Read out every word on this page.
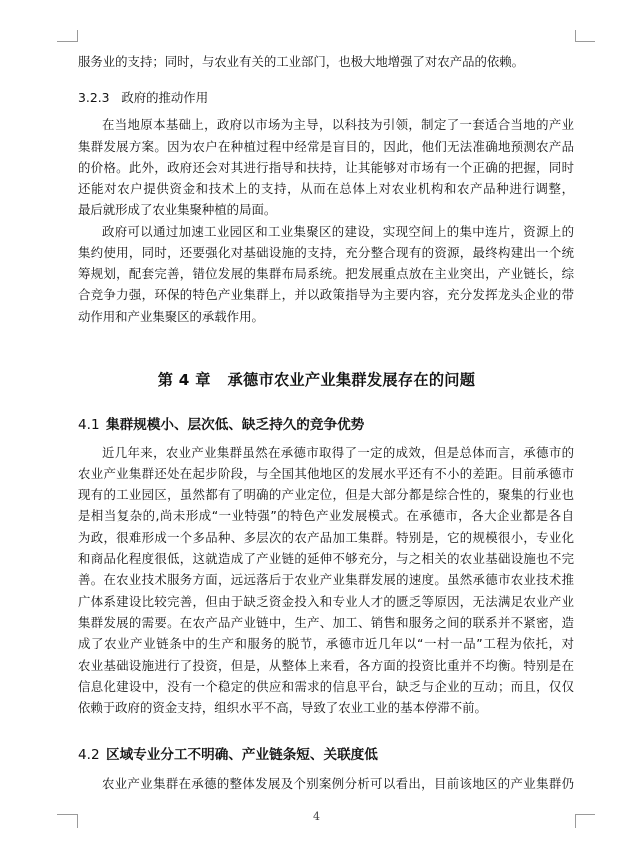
服务业的支持；同时，与农业有关的工业部门，也极大地增强了对农产品的依赖。
3.2.3 政府的推动作用
在当地原本基础上，政府以市场为主导，以科技为引领，制定了一套适合当地的产业
集群发展方案。因为农户在种植过程中经常是盲目的，因此，他们无法准确地预测农产品
的价格。此外，政府还会对其进行指导和扶持，让其能够对市场有一个正确的把握，同时
还能对农户提供资金和技术上的支持，从而在总体上对农业机构和农产品种进行调整，
最后就形成了农业集聚种植的局面。
政府可以通过加速工业园区和工业集聚区的建设，实现空间上的集中连片，资源上的
集约使用，同时，还要强化对基础设施的支持，充分整合现有的资源，最终构建出一个统
筹规划，配套完善，错位发展的集群布局系统。把发展重点放在主业突出，产业链长，综
合竞争力强，环保的特色产业集群上，并以政策指导为主要内容，充分发挥龙头企业的带
动作用和产业集聚区的承载作用。
第 4 章 承德市农业产业集群发展存在的问题
4.1 集群规模小、层次低、缺乏持久的竞争优势
近几年来，农业产业集群虽然在承德市取得了一定的成效，但是总体而言，承德市的
农业产业集群还处在起步阶段，与全国其他地区的发展水平还有不小的差距。目前承德市
现有的工业园区，虽然都有了明确的产业定位，但是大部分都是综合性的，聚集的行业也
是相当复杂的,尚未形成“一业特强”的特色产业发展模式。在承德市，各大企业都是各自
为政，很难形成一个多品种、多层次的农产品加工集群。特别是，它的规模很小，专业化
和商品化程度很低，这就造成了产业链的延伸不够充分，与之相关的农业基础设施也不完
善。在农业技术服务方面，远远落后于农业产业集群发展的速度。虽然承德市农业技术推
广体系建设比较完善，但由于缺乏资金投入和专业人才的匮乏等原因，无法满足农业产业
集群发展的需要。在农产品产业链中，生产、加工、销售和服务之间的联系并不紧密，造
成了农业产业链条中的生产和服务的脱节，承德市近几年以“一村一品”工程为依托，对
农业基础设施进行了投资，但是，从整体上来看，各方面的投资比重并不均衡。特别是在
信息化建设中，没有一个稳定的供应和需求的信息平台，缺乏与企业的互动；而且，仅仅
依赖于政府的资金支持，组织水平不高，导致了农业工业的基本停滞不前。
4.2 区域专业分工不明确、产业链条短、关联度低
农业产业集群在承德的整体发展及个别案例分析可以看出，目前该地区的产业集群仍
4
